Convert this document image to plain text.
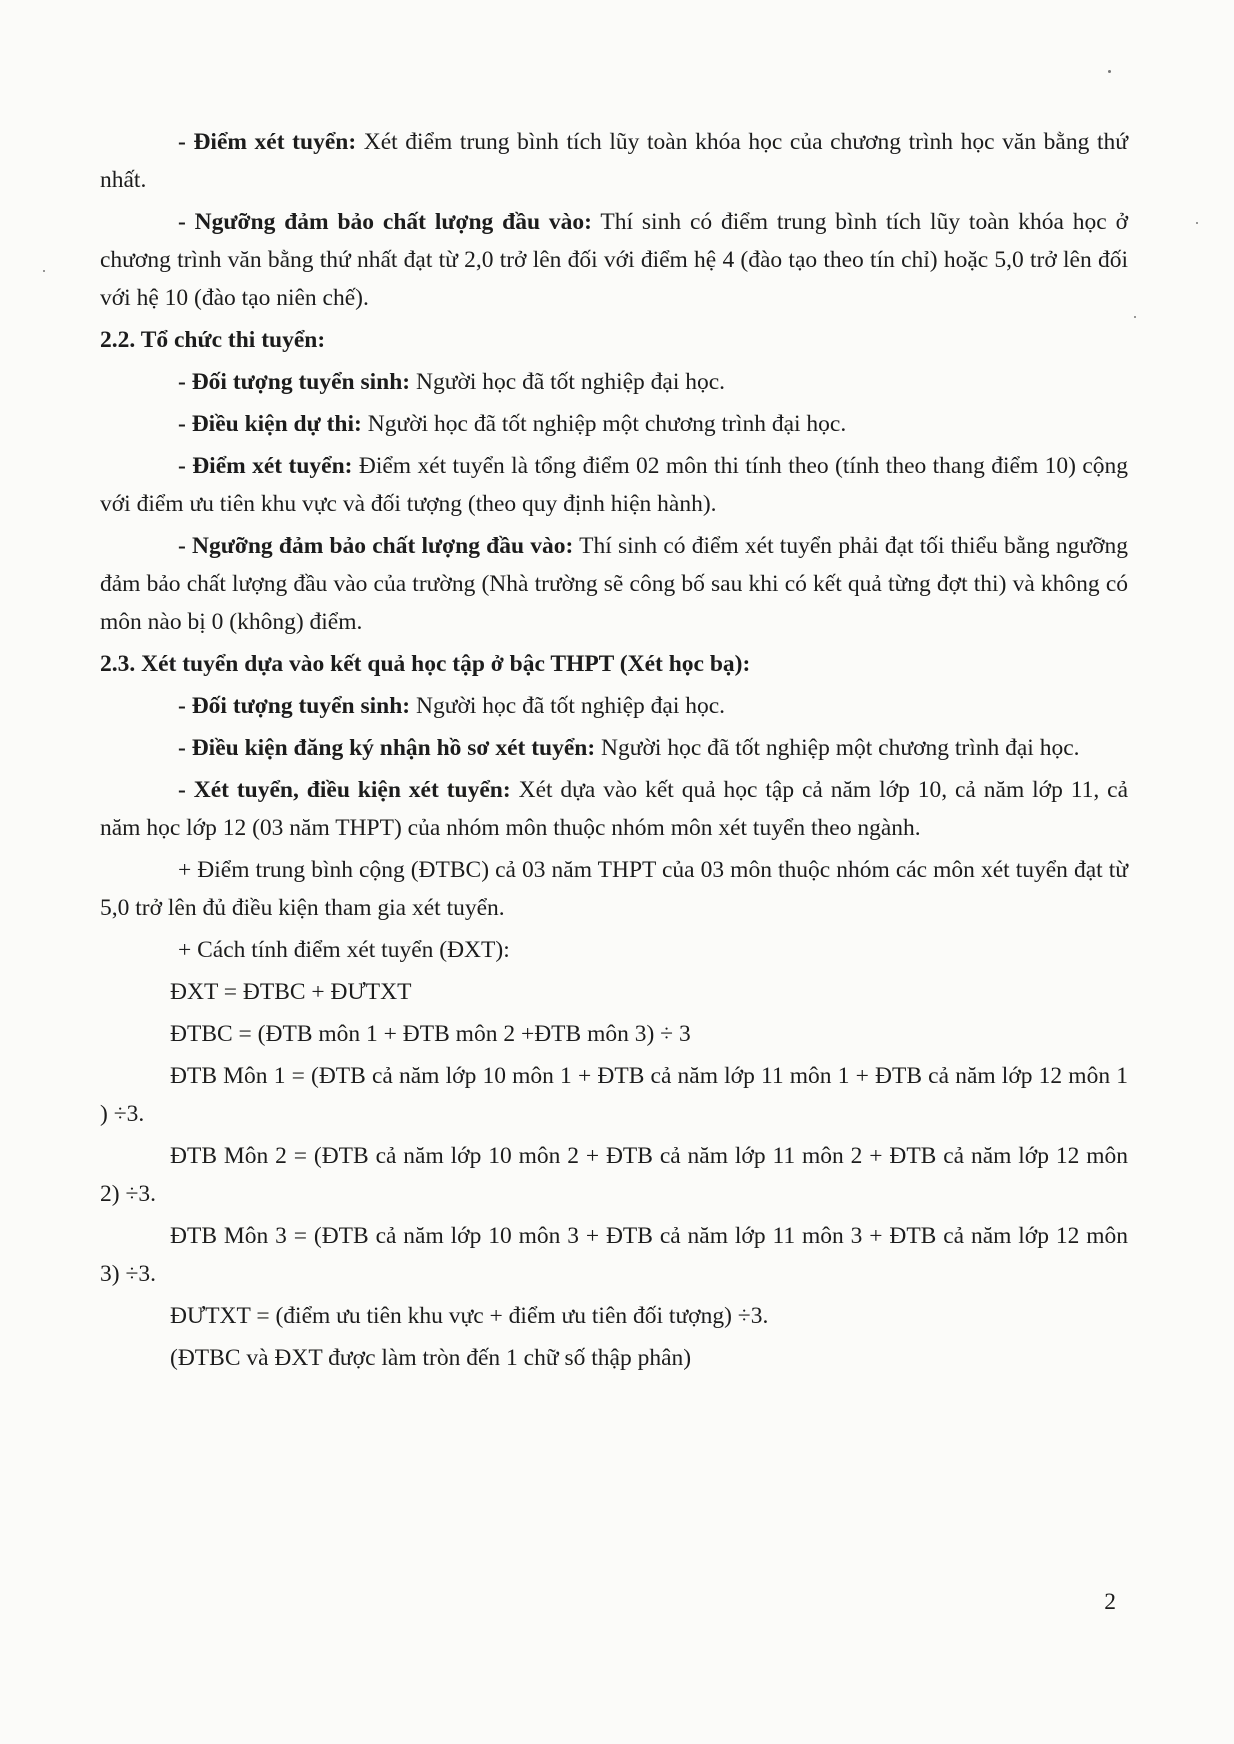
- Điểm xét tuyển: Xét điểm trung bình tích lũy toàn khóa học của chương trình học văn bằng thứ nhất.

- Ngưỡng đảm bảo chất lượng đầu vào: Thí sinh có điểm trung bình tích lũy toàn khóa học ở chương trình văn bằng thứ nhất đạt từ 2,0 trở lên đối với điểm hệ 4 (đào tạo theo tín chỉ) hoặc 5,0 trở lên đối với hệ 10 (đào tạo niên chế).

2.2. Tổ chức thi tuyển:

- Đối tượng tuyển sinh: Người học đã tốt nghiệp đại học.

- Điều kiện dự thi: Người học đã tốt nghiệp một chương trình đại học.

- Điểm xét tuyển: Điểm xét tuyển là tổng điểm 02 môn thi tính theo (tính theo thang điểm 10) cộng với điểm ưu tiên khu vực và đối tượng (theo quy định hiện hành).

- Ngưỡng đảm bảo chất lượng đầu vào: Thí sinh có điểm xét tuyển phải đạt tối thiểu bằng ngưỡng đảm bảo chất lượng đầu vào của trường (Nhà trường sẽ công bố sau khi có kết quả từng đợt thi) và không có môn nào bị 0 (không) điểm.

2.3. Xét tuyển dựa vào kết quả học tập ở bậc THPT (Xét học bạ):

- Đối tượng tuyển sinh: Người học đã tốt nghiệp đại học.

- Điều kiện đăng ký nhận hồ sơ xét tuyển: Người học đã tốt nghiệp một chương trình đại học.

- Xét tuyển, điều kiện xét tuyển: Xét dựa vào kết quả học tập cả năm lớp 10, cả năm lớp 11, cả năm học lớp 12 (03 năm THPT) của nhóm môn thuộc nhóm môn xét tuyển theo ngành.

+ Điểm trung bình cộng (ĐTBC) cả 03 năm THPT của 03 môn thuộc nhóm các môn xét tuyển đạt từ 5,0 trở lên đủ điều kiện tham gia xét tuyển.

+ Cách tính điểm xét tuyển (ĐXT):

ĐXT = ĐTBC + ĐƯTXT

ĐTBC = (ĐTB môn 1 + ĐTB môn 2 +ĐTB môn 3) ÷ 3

ĐTB Môn 1 = (ĐTB cả năm lớp 10 môn 1 + ĐTB cả năm lớp 11 môn 1 + ĐTB cả năm lớp 12 môn 1 ) ÷3.

ĐTB Môn 2 = (ĐTB cả năm lớp 10 môn 2 + ĐTB cả năm lớp 11 môn 2 + ĐTB cả năm lớp 12 môn 2) ÷3.

ĐTB Môn 3 = (ĐTB cả năm lớp 10 môn 3 + ĐTB cả năm lớp 11 môn 3 + ĐTB cả năm lớp 12 môn 3) ÷3.

ĐƯTXT = (điểm ưu tiên khu vực + điểm ưu tiên đối tượng) ÷3.

(ĐTBC và ĐXT được làm tròn đến 1 chữ số thập phân)

2
